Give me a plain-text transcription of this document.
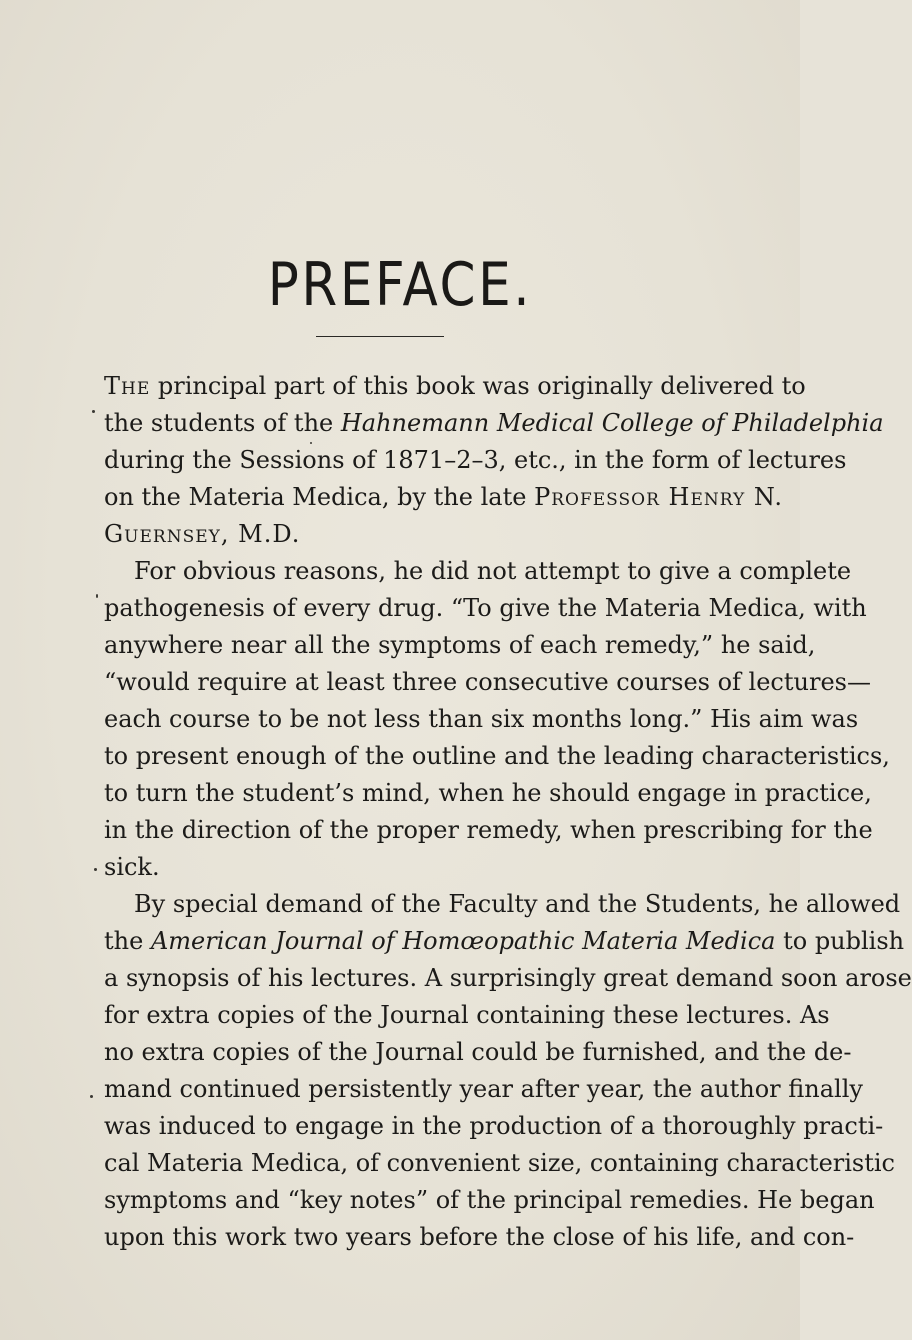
PREFACE.
The principal part of this book was originally delivered to
the students of the Hahnemann Medical College of Philadelphia
during the Sessions of 1871–2–3, etc., in the form of lectures
on the Materia Medica, by the late Professor Henry N.
Guernsey, M.D.
For obvious reasons, he did not attempt to give a complete
pathogenesis of every drug. “To give the Materia Medica, with
anywhere near all the symptoms of each remedy,” he said,
“would require at least three consecutive courses of lectures—
each course to be not less than six months long.” His aim was
to present enough of the outline and the leading characteristics,
to turn the student’s mind, when he should engage in practice,
in the direction of the proper remedy, when prescribing for the
sick.
By special demand of the Faculty and the Students, he allowed
the American Journal of Homœopathic Materia Medica to publish
a synopsis of his lectures. A surprisingly great demand soon arose
for extra copies of the Journal containing these lectures. As
no extra copies of the Journal could be furnished, and the de-
mand continued persistently year after year, the author finally
was induced to engage in the production of a thoroughly practi-
cal Materia Medica, of convenient size, containing characteristic
symptoms and “key notes” of the principal remedies. He began
upon this work two years before the close of his life, and con-
